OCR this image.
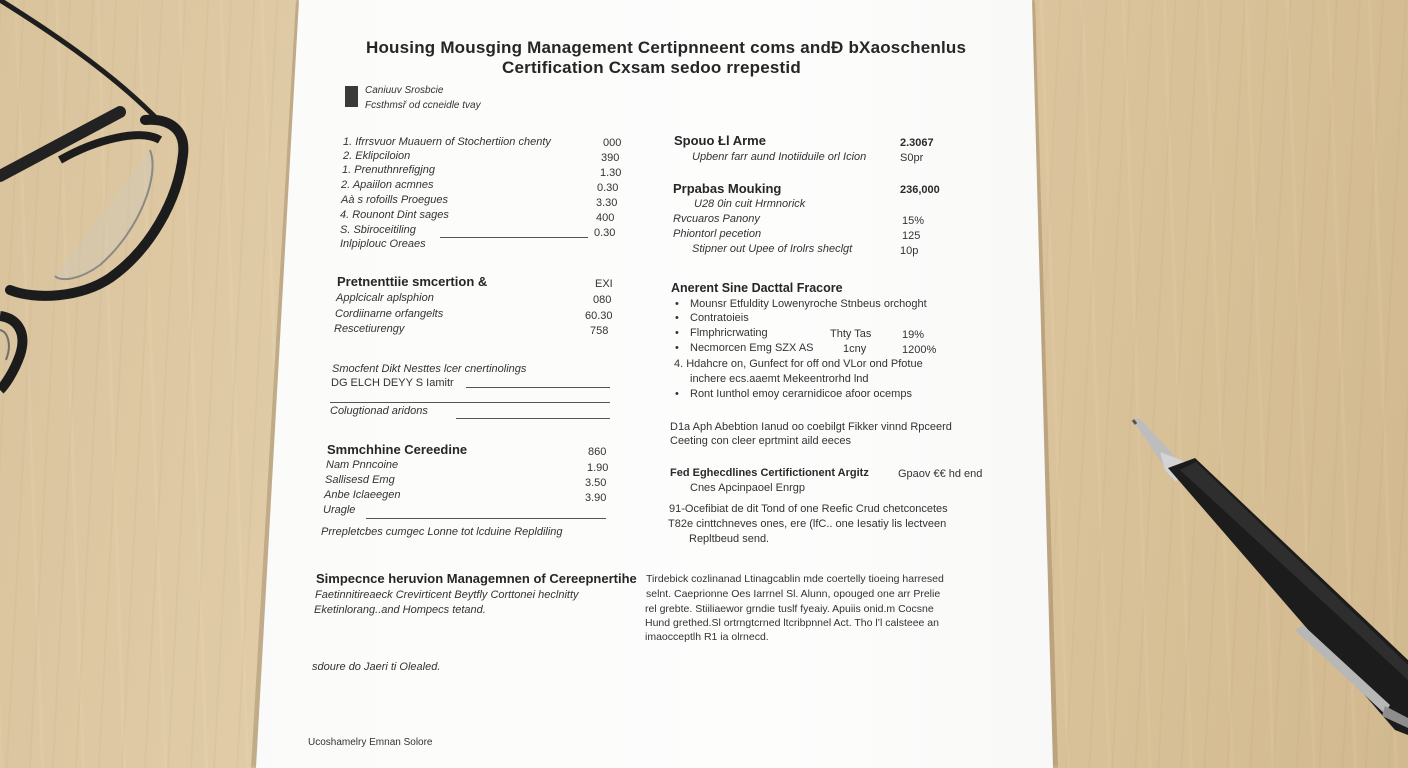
Housing Mousging Management Certipnneent coms andĐ bXaoschenlus
Certification Cxsam sedoo rrepestid
Caniuuv Srosbcie
Fcsthmsř od ccneidle tvay
1. Ifrrsvuor Muauern of Stochertiion chenty	000
2. Eklipciloion	390
1. Prenuthnrefigjng	1.30
2. Apaiilon acmnes	0.30
Aà s rofoills Proegues	3.30
4. Rounont Dint sages	400
S. Sbiroceitiling	0.30
Inlpiplouc Oreaes
Pretnenttiie smcertion &	EXI
Applcicalr aplsphion	080
Cordiinarne orfangelts	60.30
Rescetiurengy	758
Smocfent Dikt Nesttes lcer cnertinolings
DG ELCH DEYY S Iamitr
Colugtionad aridons
Smmchhine Cereedine	860
Nam Pnncoine	1.90
Sallisesd Emg	3.50
Anbe Iclaeegen	3.90
Uragle
Prrepletcbes cumgec Lonne tot lcduine Repldiling
Simpecnce heruvion Managemnen of Cereepnertihe
Faetinnitireaeck Crevirticent Beytfly Corttonei heclnitty
Eketinlorang..and Hompecs tetand.
sdoure do Jaeri ti Olealed.
Ucoshamelry Emnan Solore
Spouo Łl Arme	2.3067
Upbenr farr aund Inotiiduile orl Icion	S0pr
Prpabas Mouking	236,000
U28 0in cuit Hrmnorick
Rvcuaros Panony	15%
Phiontorl pecetion	125
Stipner out Upee of Irolrs sheclgt	10p
Anerent Sine Dacttal Fracore
• Mounsr Etfuldity Lowenyroche Stnbeus orchoght
• Contratoieis
• Flmphricrwating	Thty Tas	19%
• Necmorcen Emg SZX AS	1cny	1200%
4. Hdahcre on, Gunfect for off ond VLor ond Pfotue
inchere ecs.aaemt Mekeentrorhd lnd
• Ront Iunthol emoy cerarnidicoe afoor ocemps
D1a Aph Abebtion Ianud oo coebilgt Fikker vinnd Rpceerd
Ceeting con cleer eprtmint aild eeces
Fed Eghecdlines Certifictionent Argitz	Gpaov €€ hd end
Cnes Apcinpaoel Enrgp
91-Ocefibiat de dit Tond of one Reefic Crud chetconcetes
T82e cinttchneves ones, ere (lfC.. one Iesatiy lis lectveen
Repltbeud send.
Tirdebick cozlinanad Ltinagcablin mde coertelly tioeing harresed
selnt. Caeprionne Oes Iarrnel Sl. Alunn, opouged one arr Prelie
rel grebte. Stiiliaewor grndie tuslf fyeaiy. Apuiis onid.m Cocsne
Hund grethed.Sl ortrngtcrned ltcribpnnel Act. Tho l’l calsteee an
imaocceptlh R1 ia olrnecd.
